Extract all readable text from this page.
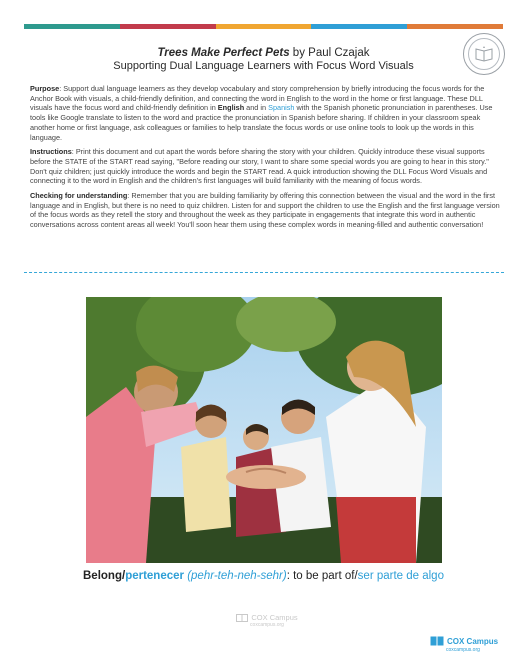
Trees Make Perfect Pets by Paul Czajak
Supporting Dual Language Learners with Focus Word Visuals

Purpose: Support dual language learners as they develop vocabulary and story comprehension by briefly introducing the focus words for the Anchor Book with visuals, a child-friendly definition, and connecting the word in English to the word in the home or first language. These DLL visuals have the focus word and child-friendly definition in English and in Spanish with the Spanish phonetic pronunciation in parentheses. Use tools like Google translate to listen to the word and practice the pronunciation in Spanish before sharing. If children in your classroom speak another home or first language, ask colleagues or families to help translate the focus words or use online tools to look up the words in this language.

Instructions: Print this document and cut apart the words before sharing the story with your children. Quickly introduce these visual supports before the STATE of the START read saying, "Before reading our story, I want to share some special words you are going to hear in this story." Don't quiz children; just quickly introduce the words and begin the START read. A quick introduction showing the DLL Focus Word Visuals and connecting it to the word in English and the children's first languages will build familiarity with the meaning of focus words.

Checking for understanding: Remember that you are building familiarity by offering this connection between the visual and the word in the first language and in English, but there is no need to quiz children. Listen for and support the children to use the English and the first language version of the focus words as they retell the story and throughout the week as they participate in engagements that integrate this word in authentic conversations across content areas all week! You'll soon hear them using these complex words in meaning-filled and authentic conversation!

Belong/pertenecer (pehr-teh-neh-sehr): to be part of/ser parte de algo
COX Campus
coxcampus.org
COX Campus
coxcampus.org
